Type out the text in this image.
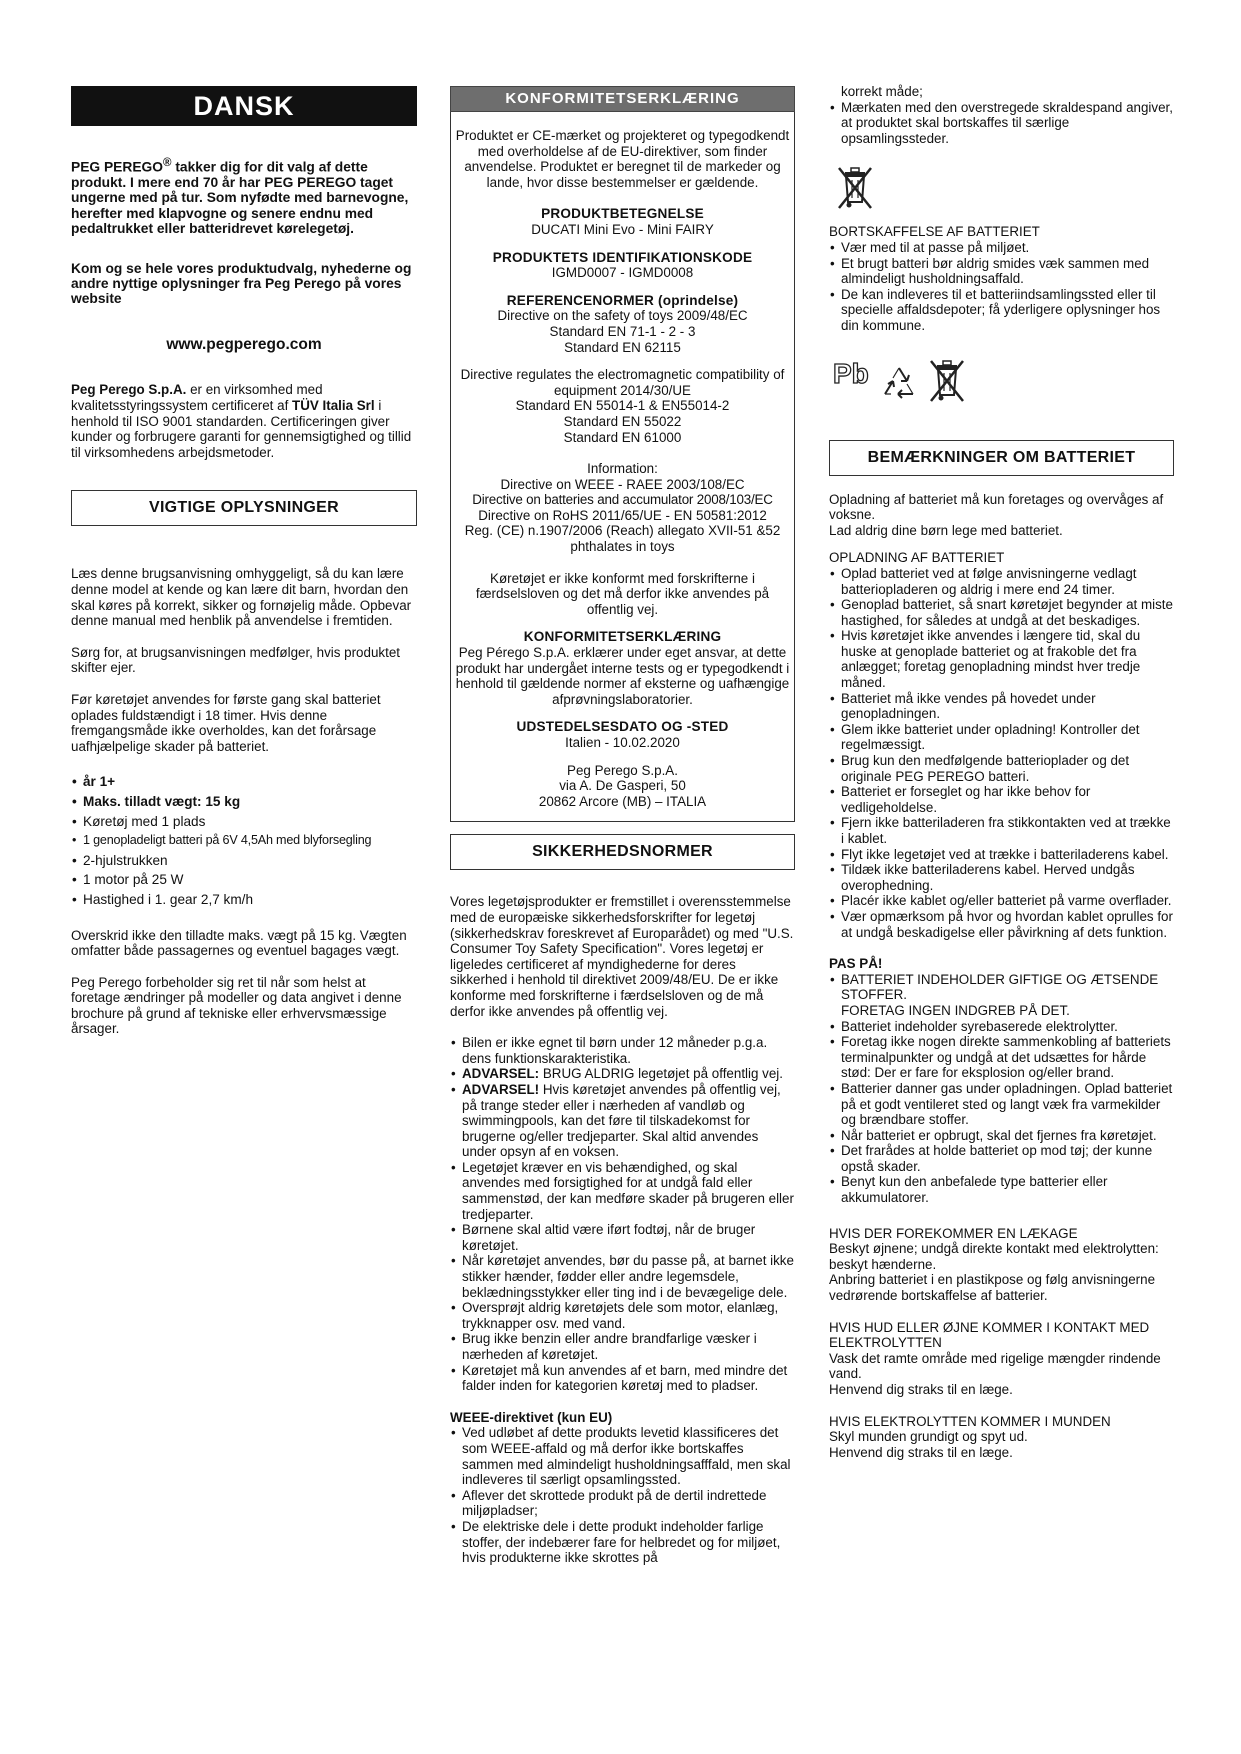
DANSK

PEG PEREGO® takker dig for dit valg af dette produkt. I mere end 70 år har PEG PEREGO taget ungerne med på tur. Som nyfødte med barnevogne, herefter med klapvogne og senere endnu med pedaltrukket eller batteridrevet kørelegetøj.

Kom og se hele vores produktudvalg, nyhederne og andre nyttige oplysninger fra Peg Perego på vores website

www.pegperego.com

Peg Perego S.p.A. er en virksomhed med kvalitetsstyringssystem certificeret af TÜV Italia Srl i henhold til ISO 9001 standarden. Certificeringen giver kunder og forbrugere garanti for gennemsigtighed og tillid til virksomhedens arbejdsmetoder.

VIGTIGE OPLYSNINGER

Læs denne brugsanvisning omhyggeligt, så du kan lære denne model at kende og kan lære dit barn, hvordan den skal køres på korrekt, sikker og fornøjelig måde. Opbevar denne manual med henblik på anvendelse i fremtiden.

Sørg for, at brugsanvisningen medfølger, hvis produktet skifter ejer.

Før køretøjet anvendes for første gang skal batteriet oplades fuldstændigt i 18 timer. Hvis denne fremgangsmåde ikke overholdes, kan det forårsage uafhjælpelige skader på batteriet.

• år 1+
• Maks. tilladt vægt: 15 kg
• Køretøj med 1 plads
• 1 genopladeligt batteri på 6V 4,5Ah med blyforsegling
• 2-hjulstrukken
• 1 motor på 25 W
• Hastighed i 1. gear 2,7 km/h

Overskrid ikke den tilladte maks. vægt på 15 kg. Vægten omfatter både passagernes og eventuel bagages vægt.

Peg Perego forbeholder sig ret til når som helst at foretage ændringer på modeller og data angivet i denne brochure på grund af tekniske eller erhvervsmæssige årsager.

KONFORMITETSERKLÆRING

Produktet er CE-mærket og projekteret og typegodkendt med overholdelse af de EU-direktiver, som finder anvendelse. Produktet er beregnet til de markeder og lande, hvor disse bestemmelser er gældende.

PRODUKTBETEGNELSE

DUCATI Mini Evo - Mini FAIRY

PRODUKTETS IDENTIFIKATIONSKODE

IGMD0007 - IGMD0008

REFERENCENORMER (oprindelse)

Directive on the safety of toys 2009/48/EC

Standard EN 71-1 - 2 - 3

Standard EN 62115

Directive regulates the electromagnetic compatibility of equipment 2014/30/UE

Standard EN 55014-1 & EN55014-2

Standard EN 55022

Standard EN 61000

Information:

Directive on WEEE - RAEE 2003/108/EC

Directive on batteries and accumulator 2008/103/EC

Directive on RoHS 2011/65/UE - EN 50581:2012

Reg. (CE) n.1907/2006 (Reach) allegato XVII-51 &52 phthalates in toys

Køretøjet er ikke konformt med forskrifterne i færdselsloven og det må derfor ikke anvendes på offentlig vej.

KONFORMITETSERKLÆRING

Peg Pérego S.p.A. erklærer under eget ansvar, at dette produkt har undergået interne tests og er typegodkendt i henhold til gældende normer af eksterne og uafhængige afprøvningslaboratorier.

UDSTEDELSESDATO OG -STED

Italien - 10.02.2020

Peg Perego S.p.A.

via A. De Gasperi, 50

20862 Arcore (MB) – ITALIA

SIKKERHEDSNORMER

Vores legetøjsprodukter er fremstillet i overensstemmelse med de europæiske sikkerhedsforskrifter for legetøj (sikkerhedskrav foreskrevet af Europarådet) og med "U.S. Consumer Toy Safety Specification". Vores legetøj er ligeledes certificeret af myndighederne for deres sikkerhed i henhold til direktivet 2009/48/EU. De er ikke konforme med forskrifterne i færdselsloven og de må derfor ikke anvendes på offentlig vej.

• Bilen er ikke egnet til børn under 12 måneder p.g.a. dens funktionskarakteristika.
• ADVARSEL: BRUG ALDRIG legetøjet på offentlig vej.
• ADVARSEL! Hvis køretøjet anvendes på offentlig vej, på trange steder eller i nærheden af vandløb og swimmingpools, kan det føre til tilskadekomst for brugerne og/eller tredjeparter. Skal altid anvendes under opsyn af en voksen.
• Legetøjet kræver en vis behændighed, og skal anvendes med forsigtighed for at undgå fald eller sammenstød, der kan medføre skader på brugeren eller tredjeparter.
• Børnene skal altid være iført fodtøj, når de bruger køretøjet.
• Når køretøjet anvendes, bør du passe på, at barnet ikke stikker hænder, fødder eller andre legemsdele, beklædningsstykker eller ting ind i de bevægelige dele.
• Oversprøjt aldrig køretøjets dele som motor, elanlæg, trykknapper osv. med vand.
• Brug ikke benzin eller andre brandfarlige væsker i nærheden af køretøjet.
• Køretøjet må kun anvendes af et barn, med mindre det falder inden for kategorien køretøj med to pladser.

WEEE-direktivet (kun EU)

• Ved udløbet af dette produkts levetid klassificeres det som WEEE-affald og må derfor ikke bortskaffes sammen med almindeligt husholdningsafffald, men skal indleveres til særligt opsamlingssted.
• Aflever det skrottede produkt på de dertil indrettede miljøpladser;
• De elektriske dele i dette produkt indeholder farlige stoffer, der indebærer fare for helbredet og for miljøet, hvis produkterne ikke skrottes på

korrekt måde;

• Mærkaten med den overstregede skraldespand angiver, at produktet skal bortskaffes til særlige opsamlingssteder.

BORTSKAFFELSE AF BATTERIET

• Vær med til at passe på miljøet.
• Et brugt batteri bør aldrig smides væk sammen med almindeligt husholdningsaffald.
• De kan indleveres til et batteriindsamlingssted eller til specielle affaldsdepoter; få yderligere oplysninger hos din kommune.
Pb
BEMÆRKNINGER OM BATTERIET

Opladning af batteriet må kun foretages og overvåges af voksne.
Lad aldrig dine børn lege med batteriet.

OPLADNING AF BATTERIET

• Oplad batteriet ved at følge anvisningerne vedlagt batteriopladeren og aldrig i mere end 24 timer.
• Genoplad batteriet, så snart køretøjet begynder at miste hastighed, for således at undgå at det beskadiges.
• Hvis køretøjet ikke anvendes i længere tid, skal du huske at genoplade batteriet og at frakoble det fra anlægget; foretag genopladning mindst hver tredje måned.
• Batteriet må ikke vendes på hovedet under genopladningen.
• Glem ikke batteriet under opladning! Kontroller det regelmæssigt.
• Brug kun den medfølgende batterioplader og det originale PEG PEREGO batteri.
• Batteriet er forseglet og har ikke behov for vedligeholdelse.
• Fjern ikke batteriladeren fra stikkontakten ved at trække i kablet.
• Flyt ikke legetøjet ved at trække i batteriladerens kabel.
• Tildæk ikke batteriladerens kabel. Herved undgås overophedning.
• Placér ikke kablet og/eller batteriet på varme overflader.
• Vær opmærksom på hvor og hvordan kablet oprulles for at undgå beskadigelse eller påvirkning af dets funktion.

PAS PÅ!

• BATTERIET INDEHOLDER GIFTIGE OG ÆTSENDE STOFFER.
FORETAG INGEN INDGREB PÅ DET.
• Batteriet indeholder syrebaserede elektrolytter.
• Foretag ikke nogen direkte sammenkobling af batteriets terminalpunkter og undgå at det udsættes for hårde stød: Der er fare for eksplosion og/eller brand.
• Batterier danner gas under opladningen. Oplad batteriet på et godt ventileret sted og langt væk fra varmekilder og brændbare stoffer.
• Når batteriet er opbrugt, skal det fjernes fra køretøjet.
• Det frarådes at holde batteriet op mod tøj; der kunne opstå skader.
• Benyt kun den anbefalede type batterier eller akkumulatorer.

HVIS DER FOREKOMMER EN LÆKAGE

Beskyt øjnene; undgå direkte kontakt med elektrolytten: beskyt hænderne.
Anbring batteriet i en plastikpose og følg anvisningerne vedrørende bortskaffelse af batterier.

HVIS HUD ELLER ØJNE KOMMER I KONTAKT MED ELEKTROLYTTEN

Vask det ramte område med rigelige mængder rindende vand.
Henvend dig straks til en læge.

HVIS ELEKTROLYTTEN KOMMER I MUNDEN

Skyl munden grundigt og spyt ud.
Henvend dig straks til en læge.
